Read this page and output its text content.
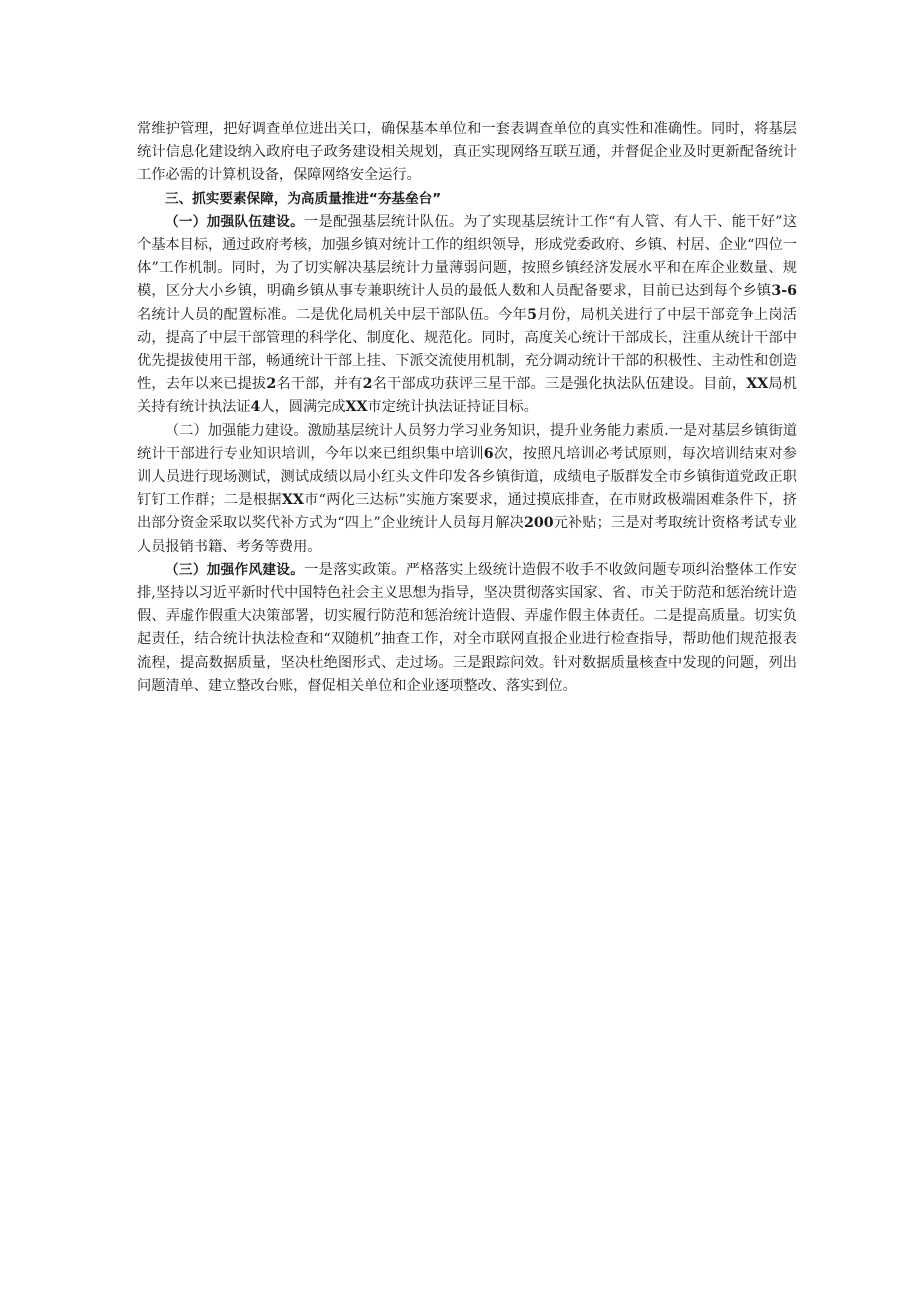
常维护管理，把好调查单位进出关口，确保基本单位和一套表调查单位的真实性和准确性。同时，将基层统计信息化建设纳入政府电子政务建设相关规划，真正实现网络互联互通，并督促企业及时更新配备统计工作必需的计算机设备，保障网络安全运行。

三、抓实要素保障，为高质量推进“夯基垒台”

（一）加强队伍建设。一是配强基层统计队伍。为了实现基层统计工作“有人管、有人干、能干好”这个基本目标，通过政府考核，加强乡镇对统计工作的组织领导，形成党委政府、乡镇、村居、企业“四位一体”工作机制。同时，为了切实解决基层统计力量薄弱问题，按照乡镇经济发展水平和在库企业数量、规模，区分大小乡镇，明确乡镇从事专兼职统计人员的最低人数和人员配备要求，目前已达到每个乡镇3-6名统计人员的配置标准。二是优化局机关中层干部队伍。今年5月份，局机关进行了中层干部竞争上岗活动，提高了中层干部管理的科学化、制度化、规范化。同时，高度关心统计干部成长，注重从统计干部中优先提拔使用干部，畅通统计干部上挂、下派交流使用机制，充分调动统计干部的积极性、主动性和创造性，去年以来已提拔2名干部，并有2名干部成功获评三星干部。三是强化执法队伍建设。目前，XX局机关持有统计执法证4人，圆满完成XX市定统计执法证持证目标。

（二）加强能力建设。激励基层统计人员努力学习业务知识，提升业务能力素质.一是对基层乡镇街道统计干部进行专业知识培训，今年以来已组织集中培训6次，按照凡培训必考试原则，每次培训结束对参训人员进行现场测试，测试成绩以局小红头文件印发各乡镇街道，成绩电子版群发全市乡镇街道党政正职钉钉工作群；二是根据XX市“两化三达标”实施方案要求，通过摸底排查，在市财政极端困难条件下，挤出部分资金采取以奖代补方式为“四上”企业统计人员每月解决200元补贴；三是对考取统计资格考试专业人员报销书籍、考务等费用。

（三）加强作风建设。一是落实政策。严格落实上级统计造假不收手不收敛问题专项纠治整体工作安排,坚持以习近平新时代中国特色社会主义思想为指导，坚决贯彻落实国家、省、市关于防范和惩治统计造假、弄虚作假重大决策部署，切实履行防范和惩治统计造假、弄虚作假主体责任。二是提高质量。切实负起责任，结合统计执法检查和“双随机”抽查工作，对全市联网直报企业进行检查指导，帮助他们规范报表流程，提高数据质量，坚决杜绝图形式、走过场。三是跟踪问效。针对数据质量核查中发现的问题，列出问题清单、建立整改台账，督促相关单位和企业逐项整改、落实到位。
